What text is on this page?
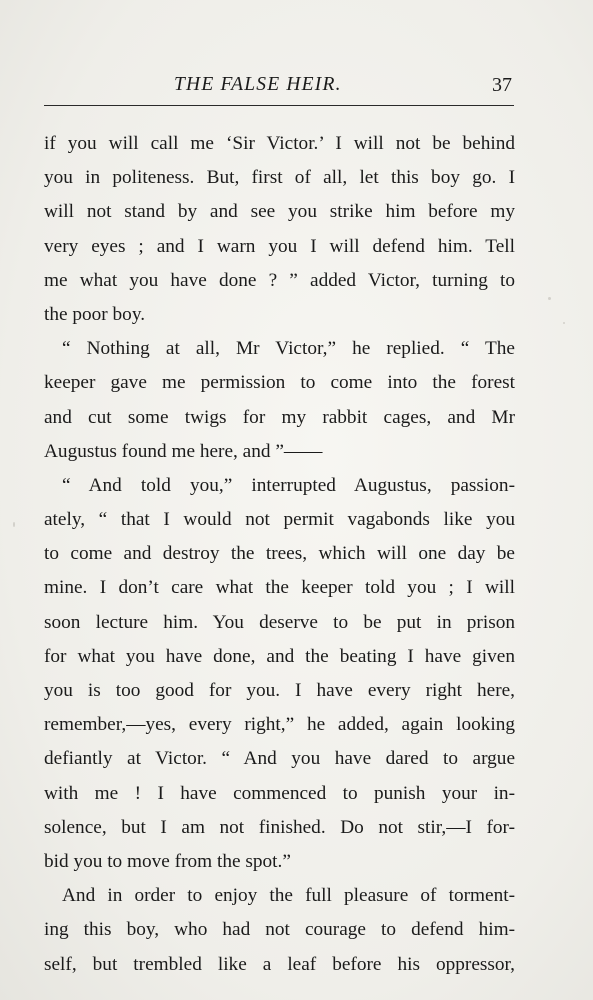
THE FALSE HEIR.	37
if you will call me ‘Sir Victor.’ I will not be behind
you in politeness. But, first of all, let this boy go. I
will not stand by and see you strike him before my
very eyes ; and I warn you I will defend him. Tell
me what you have done ? ” added Victor, turning to
the poor boy.
“ Nothing at all, Mr Victor,” he replied. “ The
keeper gave me permission to come into the forest
and cut some twigs for my rabbit cages, and Mr
Augustus found me here, and ”——
“ And told you,” interrupted Augustus, passion-
ately, “ that I would not permit vagabonds like you
to come and destroy the trees, which will one day be
mine. I don’t care what the keeper told you ; I will
soon lecture him. You deserve to be put in prison
for what you have done, and the beating I have given
you is too good for you. I have every right here,
remember,—yes, every right,” he added, again looking
defiantly at Victor. “ And you have dared to argue
with me ! I have commenced to punish your in-
solence, but I am not finished. Do not stir,—I for-
bid you to move from the spot.”
And in order to enjoy the full pleasure of torment-
ing this boy, who had not courage to defend him-
self, but trembled like a leaf before his oppressor,
